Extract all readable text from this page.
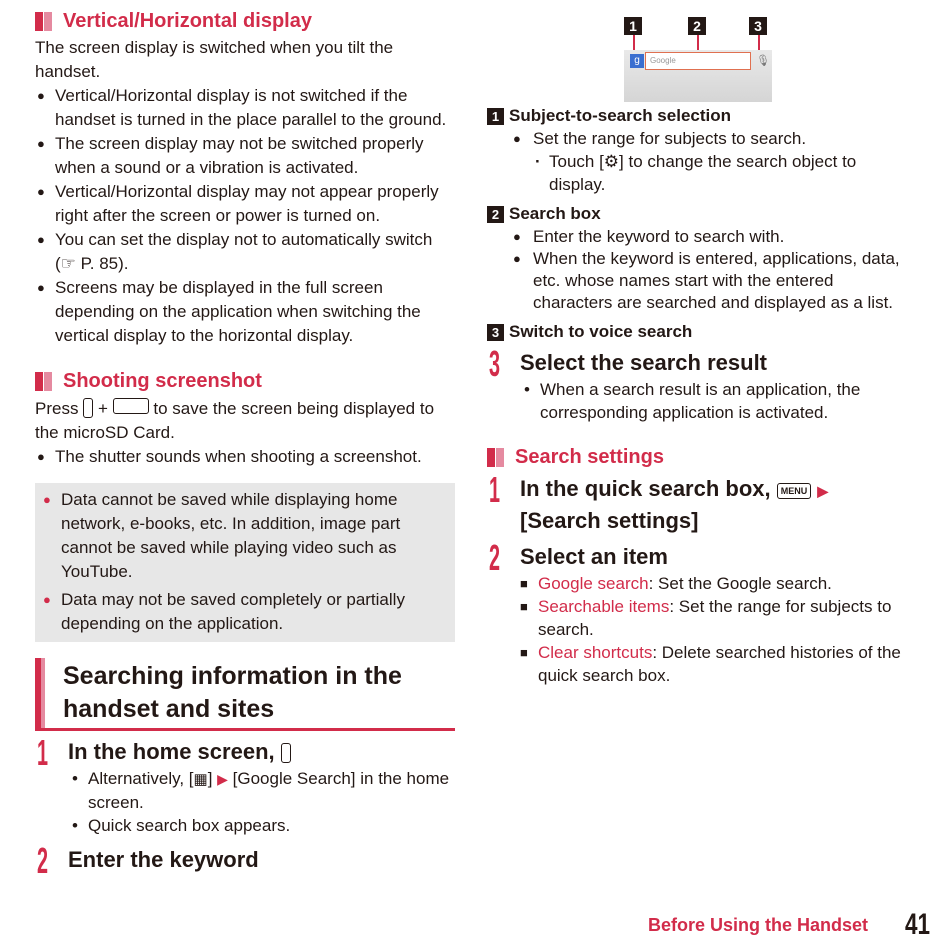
Vertical/Horizontal display
The screen display is switched when you tilt the handset.
● Vertical/Horizontal display is not switched if the handset is turned in the place parallel to the ground.
● The screen display may not be switched properly when a sound or a vibration is activated.
● Vertical/Horizontal display may not appear properly right after the screen or power is turned on.
● You can set the display not to automatically switch (☞ P. 85).
● Screens may be displayed in the full screen depending on the application when switching the vertical display to the horizontal display.
Shooting screenshot
Press +	to save the screen being displayed to the microSD Card.
● The shutter sounds when shooting a screenshot.
● Data cannot be saved while displaying home network, e-books, etc. In addition, image part cannot be saved while playing video such as YouTube.
● Data may not be saved completely or partially depending on the application.
Searching information in the handset and sites
1 In the home screen,
• Alternatively, [▦] ▶ [Google Search] in the home screen.
• Quick search box appears.
2 Enter the keyword
1	2	3
g	Google	🎙
1 Subject-to-search selection
● Set the range for subjects to search.
· Touch [⚙] to change the search object to display.
2 Search box
● Enter the keyword to search with.
● When the keyword is entered, applications, data, etc. whose names start with the entered characters are searched and displayed as a list.
3 Switch to voice search
3 Select the search result
• When a search result is an application, the corresponding application is activated.
Search settings
1 In the quick search box, MENU ▶
[Search settings]
2 Select an item
■ Google search: Set the Google search.
■ Searchable items: Set the range for subjects to search.
■ Clear shortcuts: Delete searched histories of the quick search box.
Before Using the Handset 41
